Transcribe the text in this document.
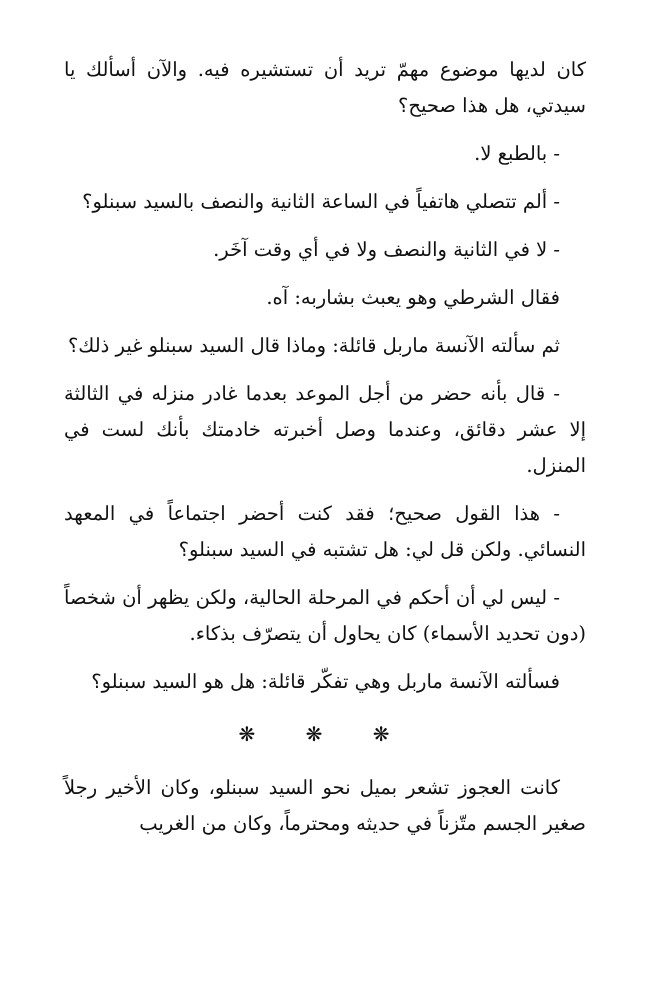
كان لديها موضوع مهمّ تريد أن تستشيره فيه. والآن أسألك يا سيدتي، هل هذا صحيح؟

- بالطبع لا.

- ألم تتصلي هاتفياً في الساعة الثانية والنصف بالسيد سبنلو؟

- لا في الثانية والنصف ولا في أي وقت آخَر.

فقال الشرطي وهو يعبث بشاربه: آه.

ثم سألته الآنسة ماربل قائلة: وماذا قال السيد سبنلو غير ذلك؟

- قال بأنه حضر من أجل الموعد بعدما غادر منزله في الثالثة إلا عشر دقائق، وعندما وصل أخبرته خادمتك بأنك لست في المنزل.

- هذا القول صحيح؛ فقد كنت أحضر اجتماعاً في المعهد النسائي. ولكن قل لي: هل تشتبه في السيد سبنلو؟

- ليس لي أن أحكم في المرحلة الحالية، ولكن يظهر أن شخصاً (دون تحديد الأسماء) كان يحاول أن يتصرّف بذكاء.

فسألته الآنسة ماربل وهي تفكّر قائلة: هل هو السيد سبنلو؟

❋ ❋ ❋

كانت العجوز تشعر بميل نحو السيد سبنلو، وكان الأخير رجلاً صغير الجسم متّزناً في حديثه ومحترماً، وكان من الغريب
